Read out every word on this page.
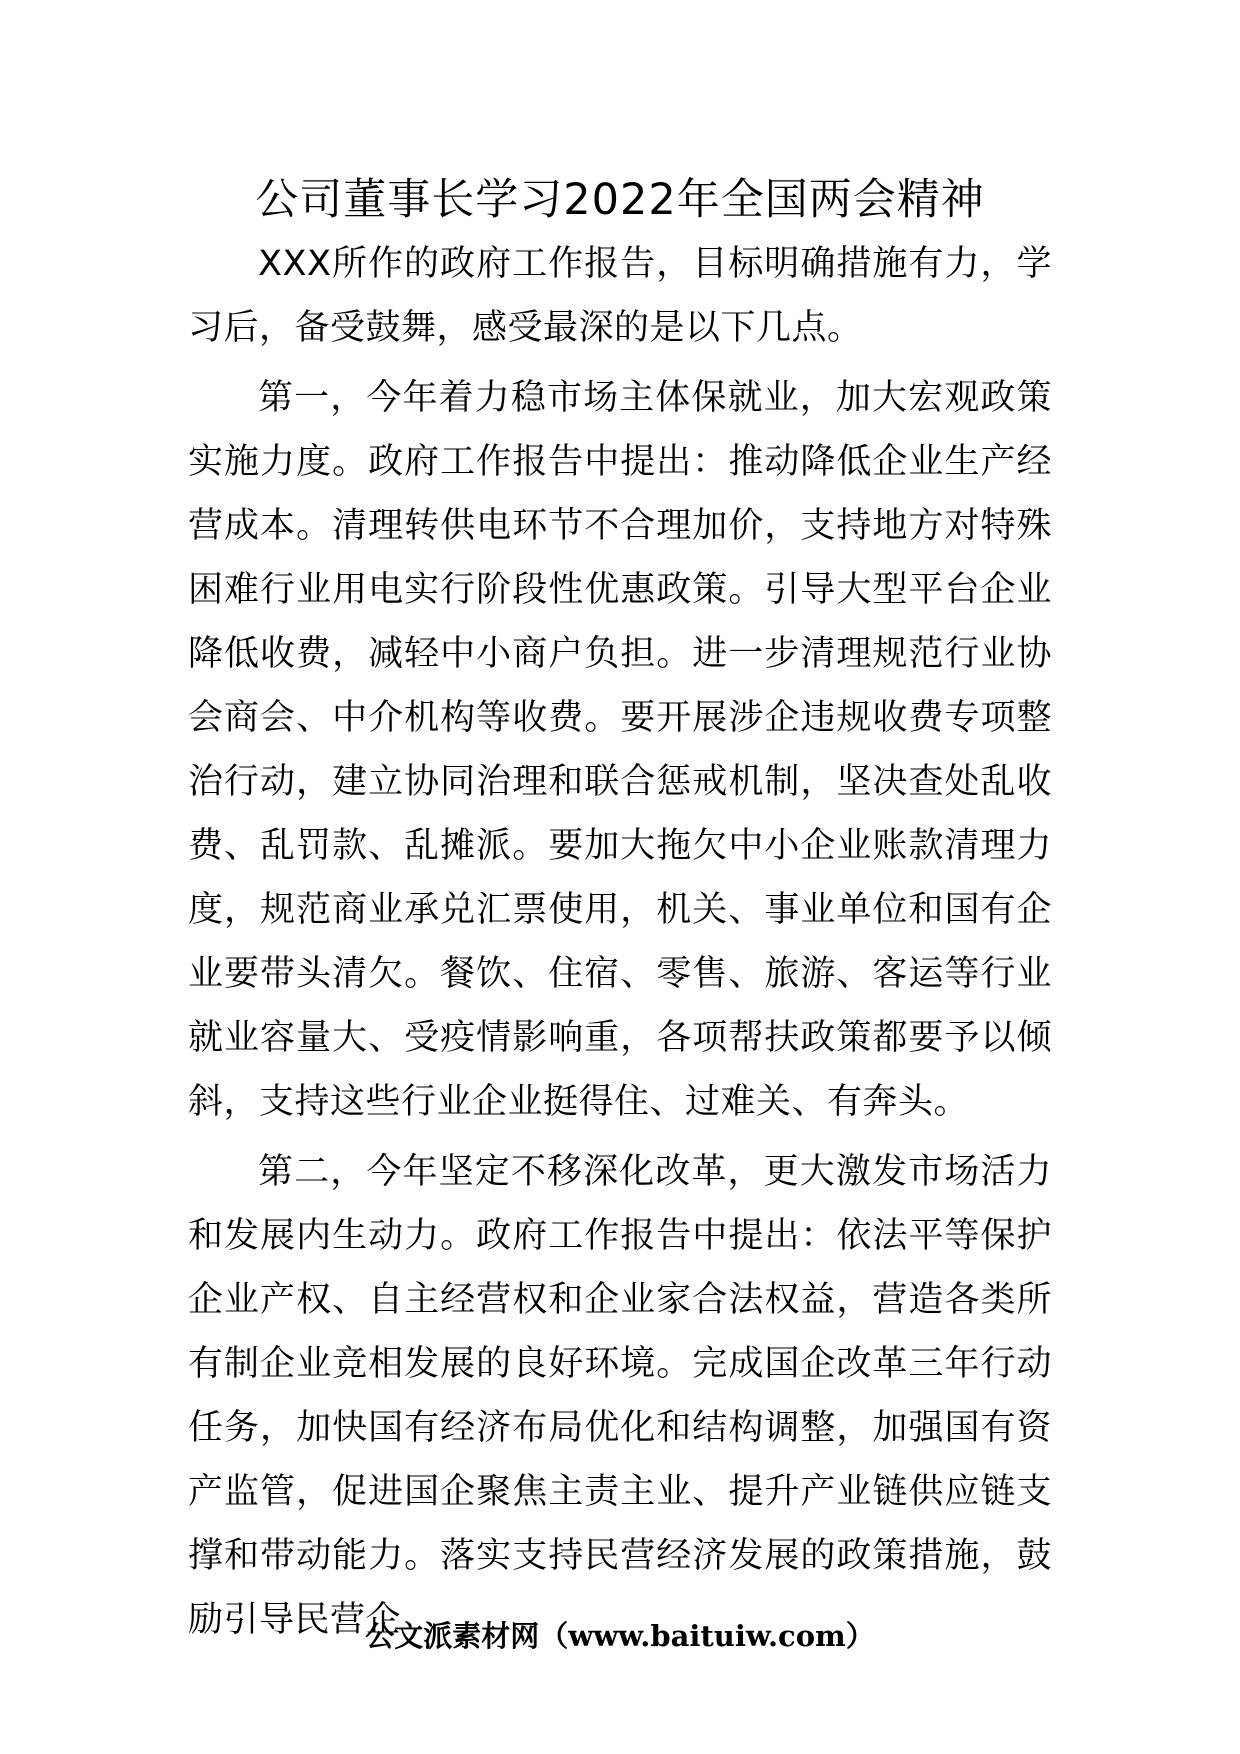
公司董事长学习2022年全国两会精神

XXX所作的政府工作报告，目标明确措施有力，学习后，备受鼓舞，感受最深的是以下几点。

第一，今年着力稳市场主体保就业，加大宏观政策实施力度。政府工作报告中提出：推动降低企业生产经营成本。清理转供电环节不合理加价，支持地方对特殊困难行业用电实行阶段性优惠政策。引导大型平台企业降低收费，减轻中小商户负担。进一步清理规范行业协会商会、中介机构等收费。要开展涉企违规收费专项整治行动，建立协同治理和联合惩戒机制，坚决查处乱收费、乱罚款、乱摊派。要加大拖欠中小企业账款清理力度，规范商业承兑汇票使用，机关、事业单位和国有企业要带头清欠。餐饮、住宿、零售、旅游、客运等行业就业容量大、受疫情影响重，各项帮扶政策都要予以倾斜，支持这些行业企业挺得住、过难关、有奔头。

第二，今年坚定不移深化改革，更大激发市场活力和发展内生动力。政府工作报告中提出：依法平等保护企业产权、自主经营权和企业家合法权益，营造各类所有制企业竞相发展的良好环境。完成国企改革三年行动任务，加快国有经济布局优化和结构调整，加强国有资产监管，促进国企聚焦主责主业、提升产业链供应链支撑和带动能力。落实支持民营经济发展的政策措施，鼓励引导民营企

公文派素材网（www.baituiw.com）
